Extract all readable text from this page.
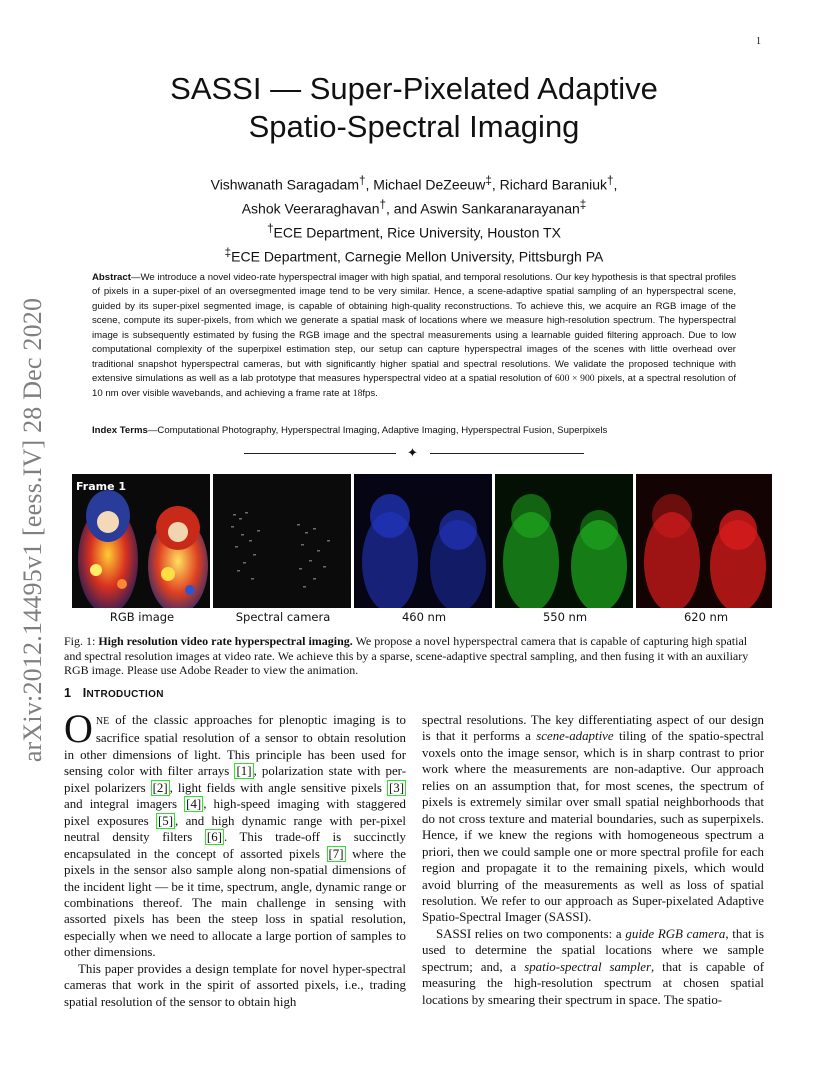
1
arXiv:2012.14495v1 [eess.IV] 28 Dec 2020
SASSI — Super-Pixelated Adaptive
Spatio-Spectral Imaging
Vishwanath Saragadam†, Michael DeZeeuw‡, Richard Baraniuk†,
Ashok Veeraraghavan†, and Aswin Sankaranarayanan‡
†ECE Department, Rice University, Houston TX
‡ECE Department, Carnegie Mellon University, Pittsburgh PA
Abstract—We introduce a novel video-rate hyperspectral imager with high spatial, and temporal resolutions. Our key hypothesis is that spectral profiles of pixels in a super-pixel of an oversegmented image tend to be very similar. Hence, a scene-adaptive spatial sampling of an hyperspectral scene, guided by its super-pixel segmented image, is capable of obtaining high-quality reconstructions. To achieve this, we acquire an RGB image of the scene, compute its super-pixels, from which we generate a spatial mask of locations where we measure high-resolution spectrum. The hyperspectral image is subsequently estimated by fusing the RGB image and the spectral measurements using a learnable guided filtering approach. Due to low computational complexity of the superpixel estimation step, our setup can capture hyperspectral images of the scenes with little overhead over traditional snapshot hyperspectral cameras, but with significantly higher spatial and spectral resolutions. We validate the proposed technique with extensive simulations as well as a lab prototype that measures hyperspectral video at a spatial resolution of 600 × 900 pixels, at a spectral resolution of 10 nm over visible wavebands, and achieving a frame rate at 18fps.
Index Terms—Computational Photography, Hyperspectral Imaging, Adaptive Imaging, Hyperspectral Fusion, Superpixels
✦
Frame 1
RGB image	Spectral camera	460 nm	550 nm	620 nm
Fig. 1: High resolution video rate hyperspectral imaging. We propose a novel hyperspectral camera that is capable of capturing high spatial and spectral resolution images at video rate. We achieve this by a sparse, scene-adaptive spectral sampling, and then fusing it with an auxiliary RGB image. Please use Adobe Reader to view the animation.
1 INTRODUCTION

ONE of the classic approaches for plenoptic imaging is to sacrifice spatial resolution of a sensor to obtain resolution in other dimensions of light. This principle has been used for sensing color with filter arrays [1] , polarization state with per-pixel polarizers [2] , light fields with angle sensitive pixels [3] and integral imagers [4] , high-speed imaging with staggered pixel exposures [5] , and high dynamic range with per-pixel neutral density filters [6] . This trade-off is succinctly encapsulated in the concept of assorted pixels [7] where the pixels in the sensor also sample along non-spatial dimensions of the incident light — be it time, spectrum, angle, dynamic range or combinations thereof. The main challenge in sensing with assorted pixels has been the steep loss in spatial resolution, especially when we need to allocate a large portion of samples to other dimensions.

This paper provides a design template for novel hyper-spectral cameras that work in the spirit of assorted pixels, i.e., trading spatial resolution of the sensor to obtain high

spectral resolutions. The key differentiating aspect of our design is that it performs a scene-adaptive tiling of the spatio-spectral voxels onto the image sensor, which is in sharp contrast to prior work where the measurements are non-adaptive. Our approach relies on an assumption that, for most scenes, the spectrum of pixels is extremely similar over small spatial neighborhoods that do not cross texture and material boundaries, such as superpixels. Hence, if we knew the regions with homogeneous spectrum a priori, then we could sample one or more spectral profile for each region and propagate it to the remaining pixels, which would avoid blurring of the measurements as well as loss of spatial resolution. We refer to our approach as Super-pixelated Adaptive Spatio-Spectral Imager (SASSI).

SASSI relies on two components: a guide RGB camera, that is used to determine the spatial locations where we sample spectrum; and, a spatio-spectral sampler, that is capable of measuring the high-resolution spectrum at chosen spatial locations by smearing their spectrum in space. The spatio-
